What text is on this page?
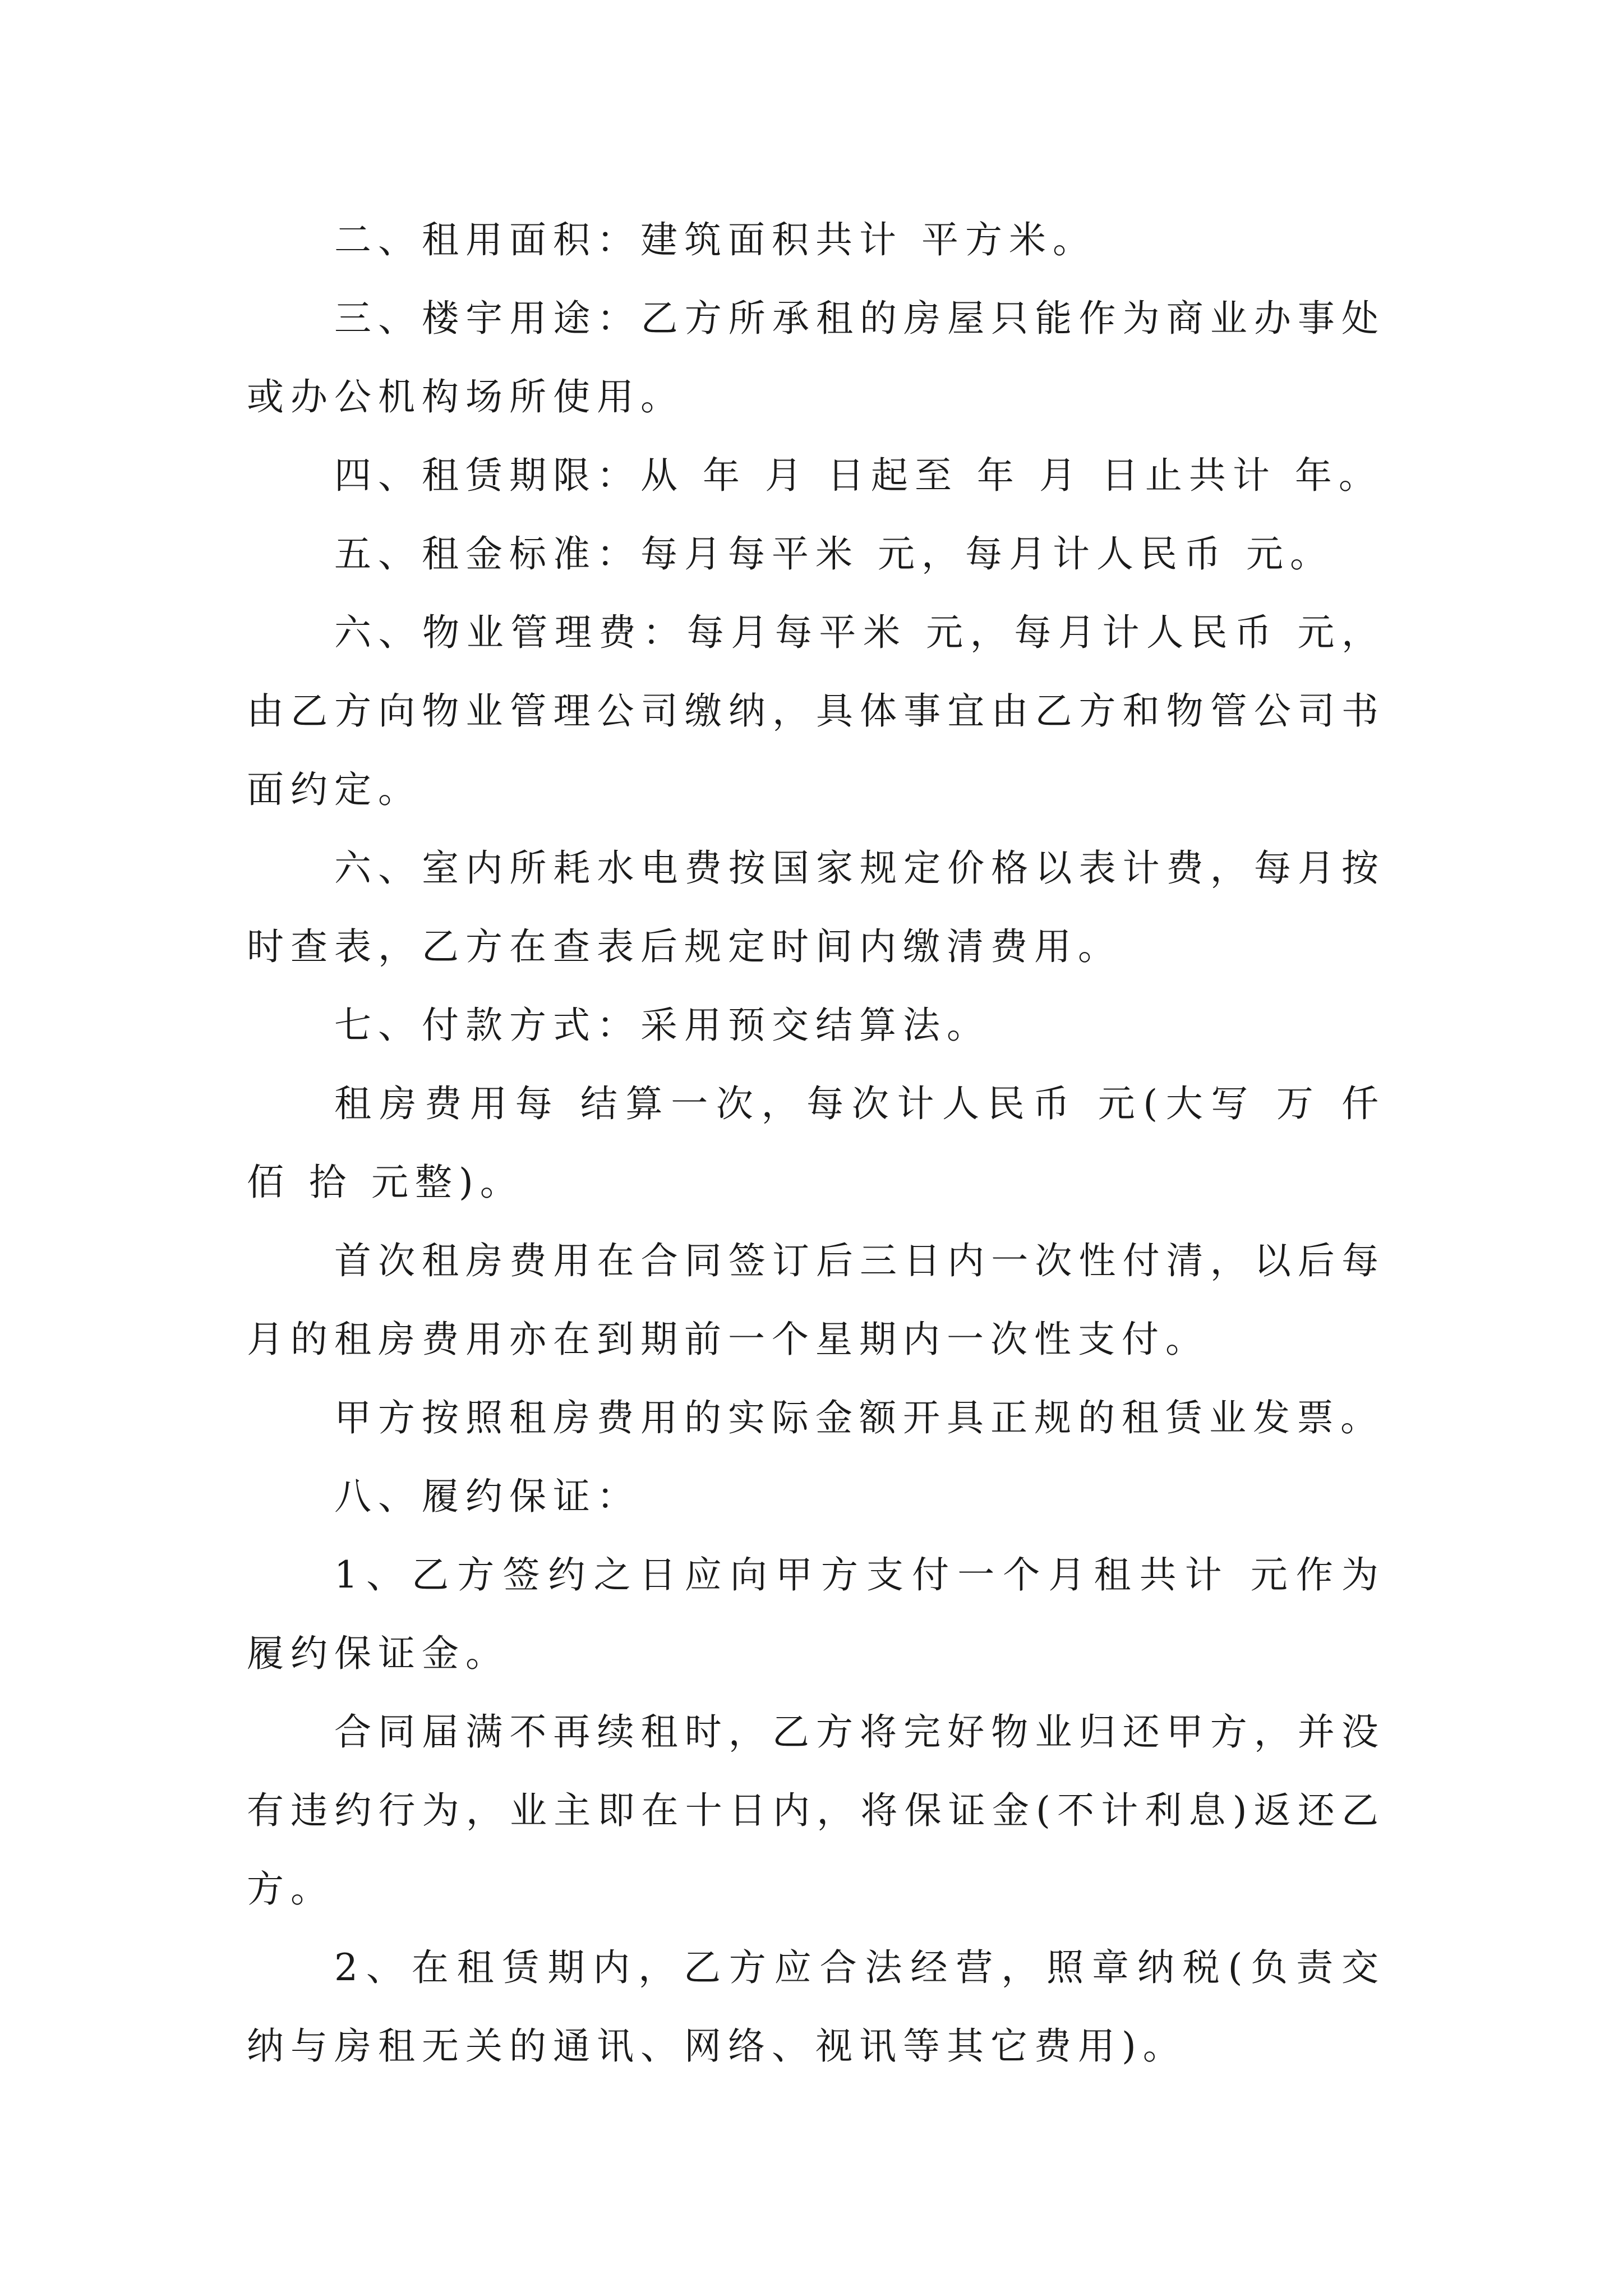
二、租用面积：建筑面积共计 平方米。

三、楼宇用途：乙方所承租的房屋只能作为商业办事处或办公机构场所使用。

四、租赁期限：从 年 月 日起至 年 月 日止共计 年。

五、租金标准：每月每平米 元，每月计人民币 元。

六、物业管理费：每月每平米 元，每月计人民币 元，由乙方向物业管理公司缴纳，具体事宜由乙方和物管公司书面约定。

六、室内所耗水电费按国家规定价格以表计费，每月按时查表，乙方在查表后规定时间内缴清费用。

七、付款方式：采用预交结算法。

租房费用每 结算一次，每次计人民币 元(大写 万 仟佰 拾 元整)。

首次租房费用在合同签订后三日内一次性付清，以后每月的租房费用亦在到期前一个星期内一次性支付。

甲方按照租房费用的实际金额开具正规的租赁业发票。

八、履约保证：

1、乙方签约之日应向甲方支付一个月租共计 元作为履约保证金。

合同届满不再续租时，乙方将完好物业归还甲方，并没有违约行为，业主即在十日内，将保证金(不计利息)返还乙方。

2、在租赁期内，乙方应合法经营，照章纳税(负责交纳与房租无关的通讯、网络、视讯等其它费用)。
